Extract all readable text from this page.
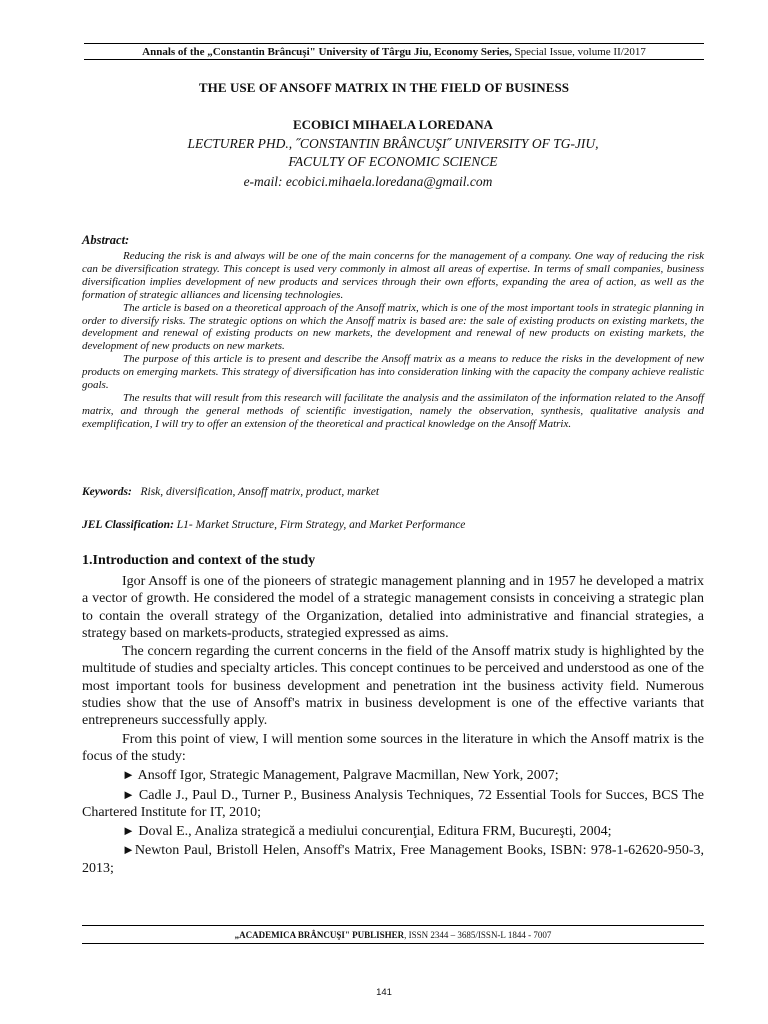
Annals of the „Constantin Brâncuşi" University of Târgu Jiu, Economy Series, Special Issue, volume II/2017
THE USE OF ANSOFF MATRIX IN THE FIELD OF BUSINESS
ECOBICI MIHAELA LOREDANA
LECTURER PHD., ˝CONSTANTIN BRÂNCUŞI˝ UNIVERSITY OF TG-JIU,
FACULTY OF ECONOMIC SCIENCE
e-mail: ecobici.mihaela.loredana@gmail.com
Abstract:

Reducing the risk is and always will be one of the main concerns for the management of a company. One way of reducing the risk can be diversification strategy. This concept is used very commonly in almost all areas of expertise. In terms of small companies, business diversification implies development of new products and services through their own efforts, expanding the area of action, as well as the formation of strategic alliances and licensing technologies.

The article is based on a theoretical approach of the Ansoff matrix, which is one of the most important tools in strategic planning in order to diversify risks. The strategic options on which the Ansoff matrix is based are: the sale of existing products on existing markets, the development and renewal of existing products on new markets, the development and renewal of new products on existing markets, the development of new products on new markets.

The purpose of this article is to present and describe the Ansoff matrix as a means to reduce the risks in the development of new products on emerging markets. This strategy of diversification has into consideration linking with the capacity the company achieve realistic goals.

The results that will result from this research will facilitate the analysis and the assimilaton of the information related to the Ansoff matrix, and through the general methods of scientific investigation, namely the observation, synthesis, qualitative analysis and exemplification, I will try to offer an extension of the theoretical and practical knowledge on the Ansoff Matrix.

Keywords: Risk, diversification, Ansoff matrix, product, market
JEL Classification: L1- Market Structure, Firm Strategy, and Market Performance
1.Introduction and context of the study

Igor Ansoff is one of the pioneers of strategic management planning and in 1957 he developed a matrix a vector of growth. He considered the model of a strategic management consists in conceiving a strategic plan to contain the overall strategy of the Organization, detalied into administrative and financial strategies, a strategy based on markets-products, strategied expressed as aims.

The concern regarding the current concerns in the field of the Ansoff matrix study is highlighted by the multitude of studies and specialty articles. This concept continues to be perceived and understood as one of the most important tools for business development and penetration int the business activity field. Numerous studies show that the use of Ansoff's matrix in business development is one of the effective variants that entrepreneurs successfully apply.

From this point of view, I will mention some sources in the literature in which the Ansoff matrix is the focus of the study:

► Ansoff Igor, Strategic Management, Palgrave Macmillan, New York, 2007;

► Cadle J., Paul D., Turner P., Business Analysis Techniques, 72 Essential Tools for Succes, BCS The Chartered Institute for IT, 2010;

► Doval E., Analiza strategică a mediului concurenţial, Editura FRM, Bucureşti, 2004;

►Newton Paul, Bristoll Helen, Ansoff's Matrix, Free Management Books, ISBN: 978-1-62620-950-3, 2013;

„ACADEMICA BRÂNCUŞI" PUBLISHER, ISSN 2344 – 3685/ISSN-L 1844 - 7007
141
